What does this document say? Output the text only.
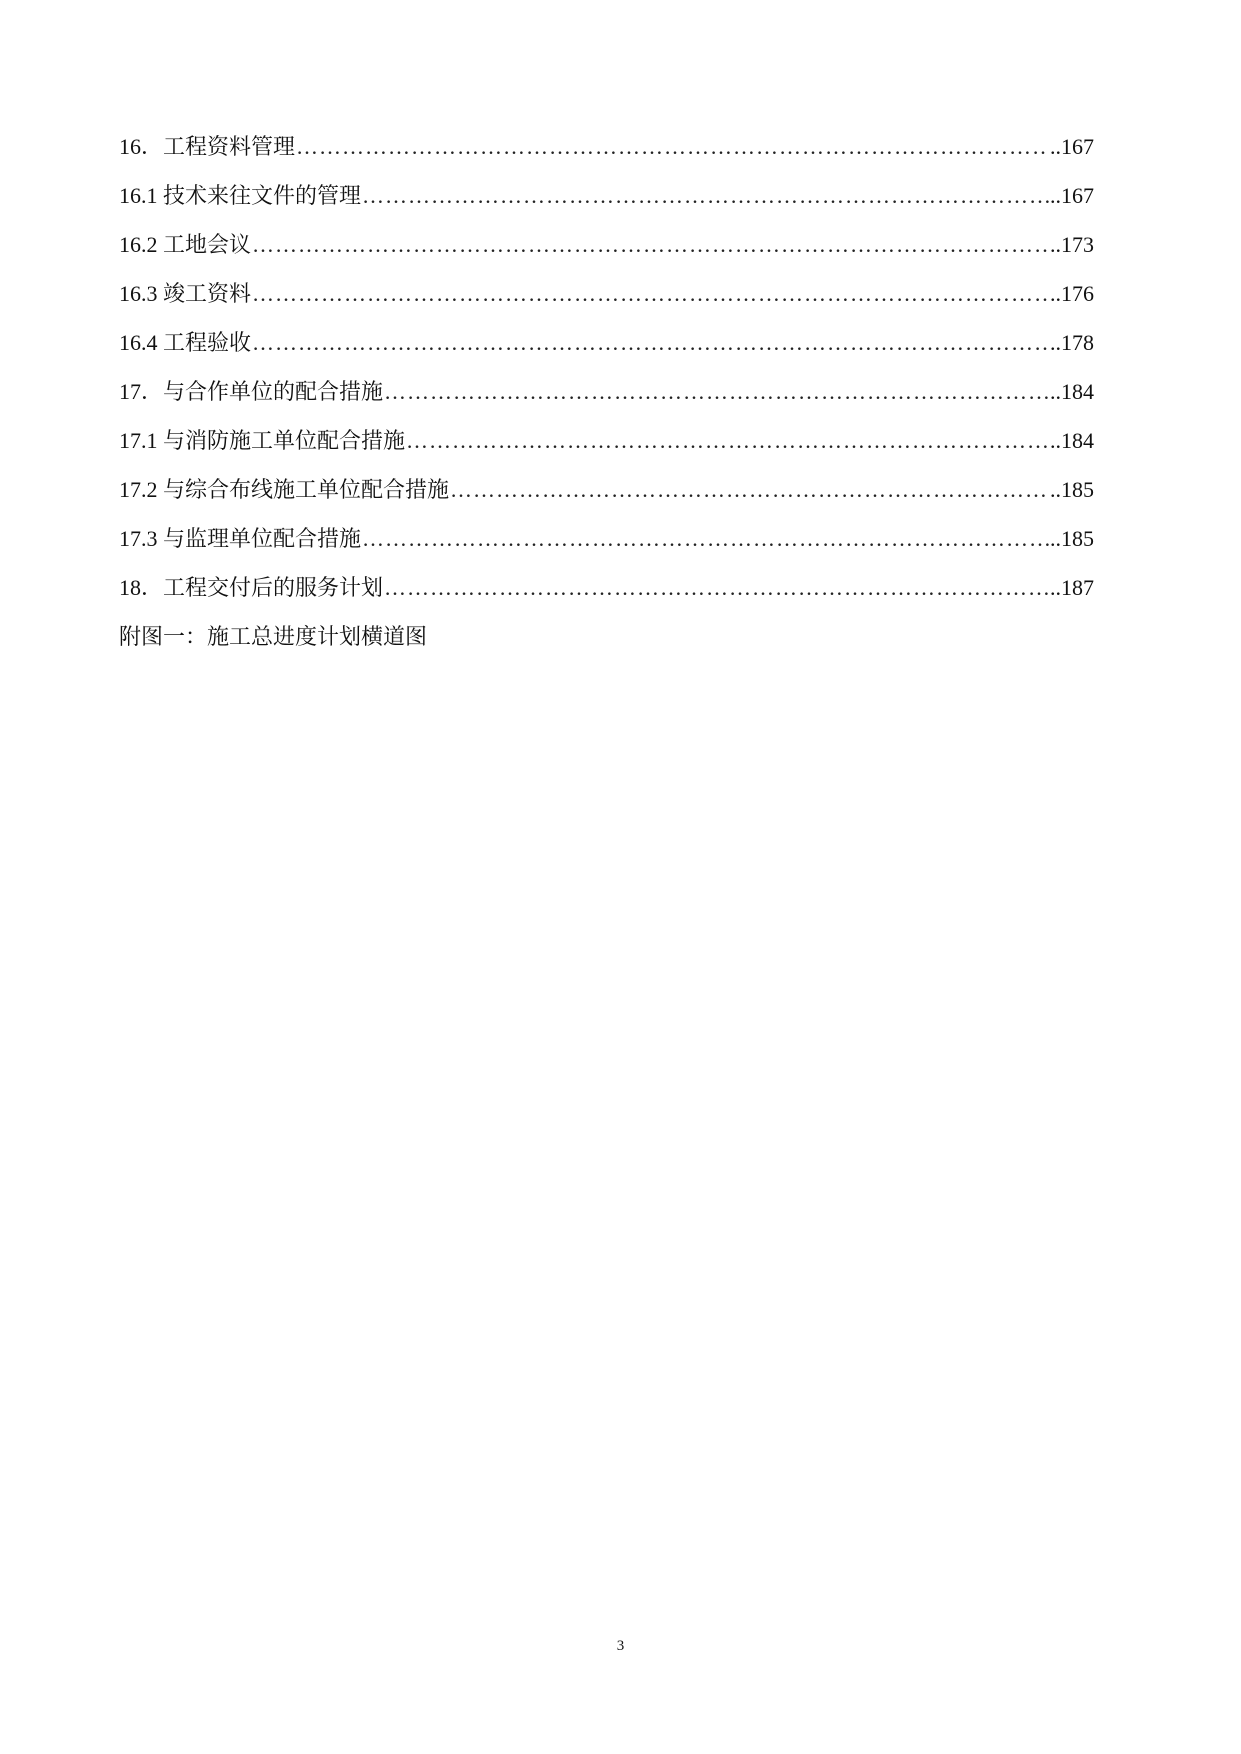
16．工程资料管理 ……………………………………………………………………………………………………………………………………………………………………………………………………	..167
16.1 技术来往文件的管理 ……………………………………………………………………………………………………………………………………………………………………………………………………	..167
16.2 工地会议 ……………………………………………………………………………………………………………………………………………………………………………………………………	..173
16.3 竣工资料 ……………………………………………………………………………………………………………………………………………………………………………………………………	..176
16.4 工程验收 ……………………………………………………………………………………………………………………………………………………………………………………………………	..178
17．与合作单位的配合措施 ……………………………………………………………………………………………………………………………………………………………………………………………………	..184
17.1 与消防施工单位配合措施 ……………………………………………………………………………………………………………………………………………………………………………………………………	..184
17.2 与综合布线施工单位配合措施 ……………………………………………………………………………………………………………………………………………………………………………………………………	..185
17.3 与监理单位配合措施 ……………………………………………………………………………………………………………………………………………………………………………………………………	..185
18．工程交付后的服务计划 ……………………………………………………………………………………………………………………………………………………………………………………………………	..187
附图一：施工总进度计划横道图
3
